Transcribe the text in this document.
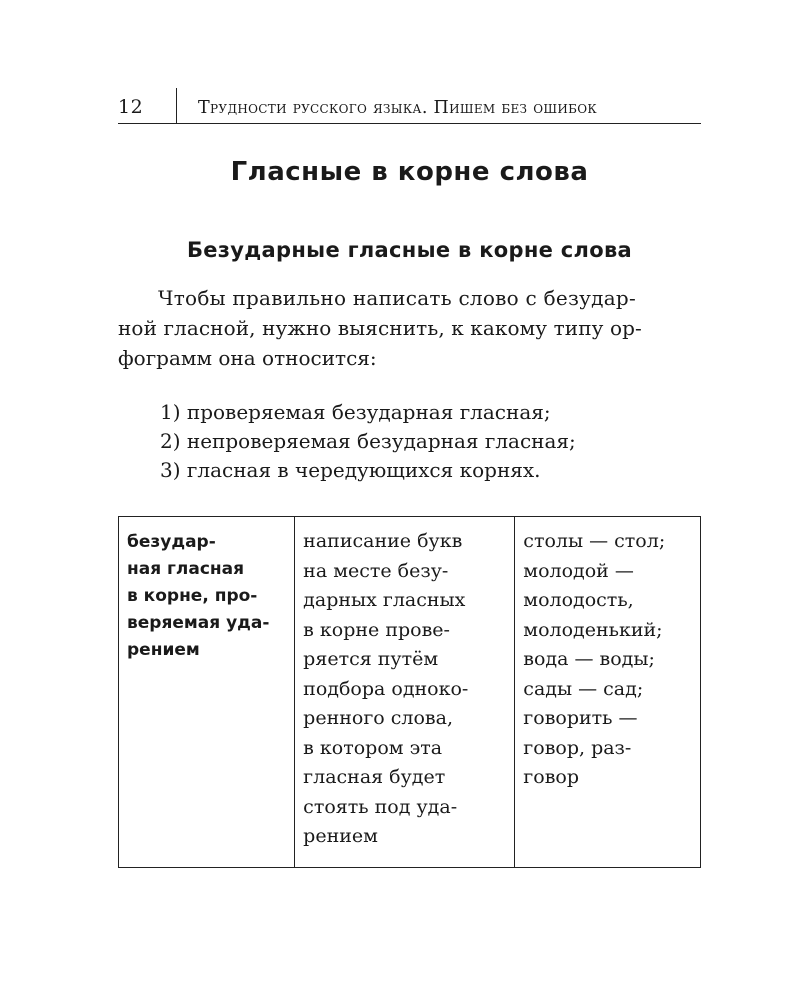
12	Трудности русского языка. Пишем без ошибок
Гласные в корне слова
Безударные гласные в корне слова

Чтобы правильно написать слово с безудар-
ной гласной, нужно выяснить, к какому типу ор-
фограмм она относится:

1) проверяемая безударная гласная;
2) непроверяемая безударная гласная;
3) гласная в чередующихся корнях.
безудар-
ная гласная
в корне, про-
веряемая уда-
рением

написание букв
на месте безу-
дарных гласных
в корне прове-
ряется путём
подбора одноко-
ренного слова,
в котором эта
гласная будет
стоять под уда-
рением

столы — стол;
молодой —
молодость,
молоденький;
вода — воды;
сады — сад;
говорить —
говор, раз-
говор
